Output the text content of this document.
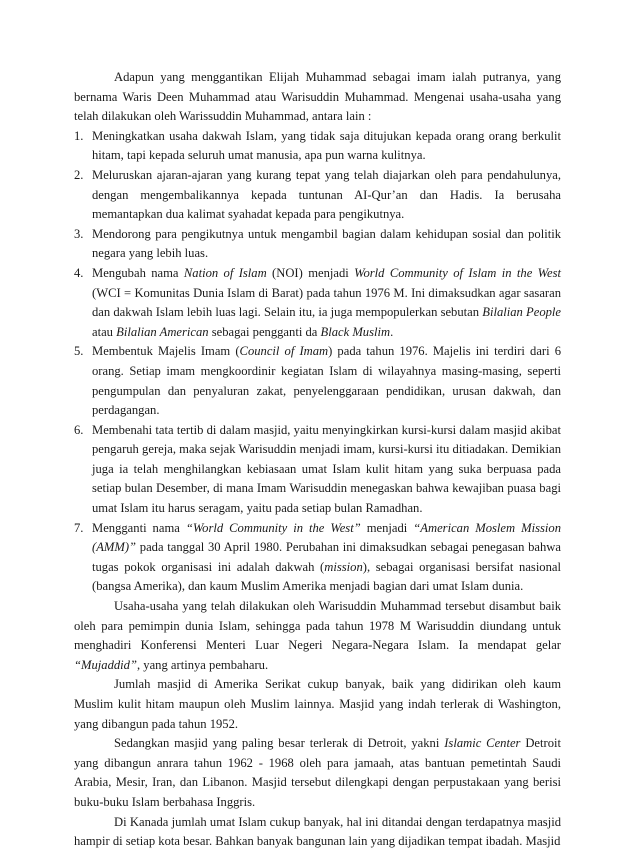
Adapun yang menggantikan Elijah Muhammad sebagai imam ialah putranya, yang bernama Waris Deen Muhammad atau Warisuddin Muhammad. Mengenai usaha-usaha yang telah dilakukan oleh Warissuddin Muhammad, antara lain :

1. Meningkatkan usaha dakwah Islam, yang tidak saja ditujukan kepada orang orang berkulit hitam, tapi kepada seluruh umat manusia, apa pun warna kulitnya.
2. Meluruskan ajaran-ajaran yang kurang tepat yang telah diajarkan oleh para pendahulunya, dengan mengembalikannya kepada tuntunan AI-Qur’an dan Hadis. Ia berusaha memantapkan dua kalimat syahadat kepada para pengikutnya.
3. Mendorong para pengikutnya untuk mengambil bagian dalam kehidupan sosial dan politik negara yang lebih luas.
4. Mengubah nama Nation of Islam (NOI) menjadi World Community of Islam in the West (WCI = Komunitas Dunia Islam di Barat) pada tahun 1976 M. Ini dimaksudkan agar sasaran dan dakwah Islam lebih luas lagi. Selain itu, ia juga mempopulerkan sebutan Bilalian People atau Bilalian American sebagai pengganti da Black Muslim.
5. Membentuk Majelis Imam (Council of Imam) pada tahun 1976. Majelis ini terdiri dari 6 orang. Setiap imam mengkoordinir kegiatan Islam di wilayahnya masing-masing, seperti pengumpulan dan penyaluran zakat, penyelenggaraan pendidikan, urusan dakwah, dan perdagangan.
6. Membenahi tata tertib di dalam masjid, yaitu menyingkirkan kursi-kursi dalam masjid akibat pengaruh gereja, maka sejak Warisuddin menjadi imam, kursi-kursi itu ditiadakan. Demikian juga ia telah menghilangkan kebiasaan umat Islam kulit hitam yang suka berpuasa pada setiap bulan Desember, di mana Imam Warisuddin menegaskan bahwa kewajiban puasa bagi umat Islam itu harus seragam, yaitu pada setiap bulan Ramadhan.
7. Mengganti nama “World Community in the West” menjadi “American Moslem Mission (AMM)” pada tanggal 30 April 1980. Perubahan ini dimaksudkan sebagai penegasan bahwa tugas pokok organisasi ini adalah dakwah (mission), sebagai organisasi bersifat nasional (bangsa Amerika), dan kaum Muslim Amerika menjadi bagian dari umat Islam dunia.

Usaha-usaha yang telah dilakukan oleh Warisuddin Muhammad tersebut disambut baik oleh para pemimpin dunia Islam, sehingga pada tahun 1978 M Warisuddin diundang untuk menghadiri Konferensi Menteri Luar Negeri Negara-Negara Islam. Ia mendapat gelar “Mujaddid”, yang artinya pembaharu.

Jumlah masjid di Amerika Serikat cukup banyak, baik yang didirikan oleh kaum Muslim kulit hitam maupun oleh Muslim lainnya. Masjid yang indah terlerak di Washington, yang dibangun pada tahun 1952.

Sedangkan masjid yang paling besar terlerak di Detroit, yakni Islamic Center Detroit yang dibangun anrara tahun 1962 - 1968 oleh para jamaah, atas bantuan pemetintah Saudi Arabia, Mesir, Iran, dan Libanon. Masjid tersebut dilengkapi dengan perpustakaan yang berisi buku-buku Islam berbahasa Inggris.

Di Kanada jumlah umat Islam cukup banyak, hal ini ditandai dengan terdapatnya masjid hampir di setiap kota besar. Bahkan banyak bangunan lain yang dijadikan tempat ibadah. Masjid
